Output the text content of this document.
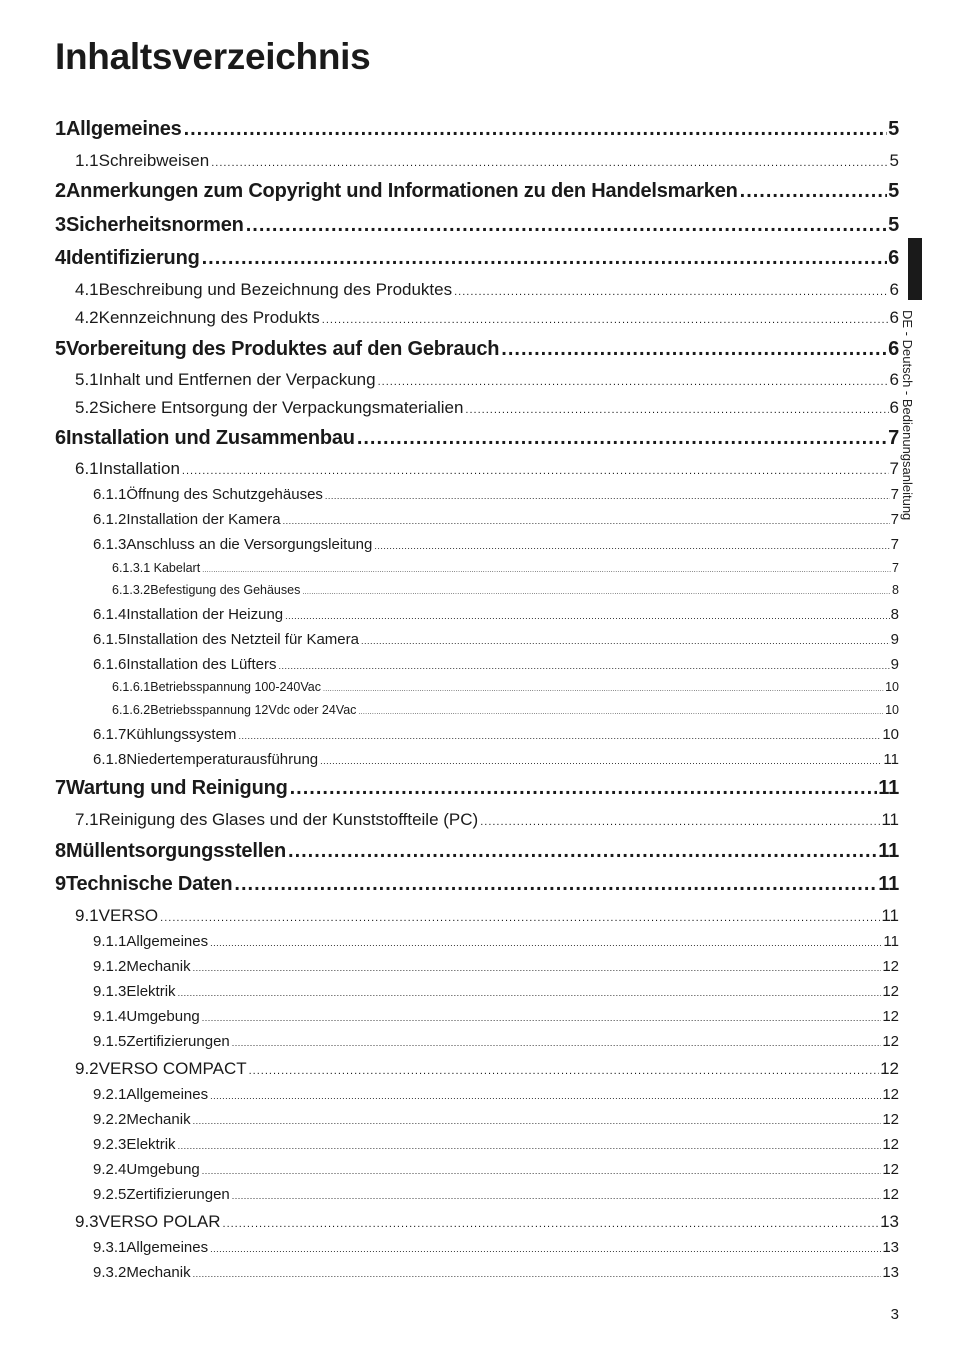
Inhaltsverzeichnis
1 Allgemeines .....	5
1.1 Schreibweisen .....	5
2 Anmerkungen zum Copyright und Informationen zu den Handelsmarken .....	5
3 Sicherheitsnormen .....	5
4 Identifizierung .....	6
4.1 Beschreibung und Bezeichnung des Produktes .....	6
4.2 Kennzeichnung des Produkts .....	6
5 Vorbereitung des Produktes auf den Gebrauch .....	6
5.1 Inhalt und Entfernen der Verpackung .....	6
5.2 Sichere Entsorgung der Verpackungsmaterialien .....	6
6 Installation und Zusammenbau .....	7
6.1 Installation .....	7
6.1.1 Öffnung des Schutzgehäuses .....	7
6.1.2 Installation der Kamera .....	7
6.1.3 Anschluss an die Versorgungsleitung .....	7
6.1.3.1 Kabelart .....	7
6.1.3.2 Befestigung des Gehäuses .....	8
6.1.4 Installation der Heizung .....	8
6.1.5 Installation des Netzteil für Kamera .....	9
6.1.6 Installation des Lüfters .....	9
6.1.6.1 Betriebsspannung 100-240Vac .....	10
6.1.6.2 Betriebsspannung 12Vdc oder 24Vac .....	10
6.1.7 Kühlungssystem .....	10
6.1.8 Niedertemperaturausführung .....	11
7 Wartung und Reinigung .....	11
7.1 Reinigung des Glases und der Kunststoffteile (PC) .....	11
8 Müllentsorgungsstellen .....	11
9 Technische Daten .....	11
9.1 VERSO .....	11
9.1.1 Allgemeines .....	11
9.1.2 Mechanik .....	12
9.1.3 Elektrik .....	12
9.1.4 Umgebung .....	12
9.1.5 Zertifizierungen .....	12
9.2 VERSO COMPACT .....	12
9.2.1 Allgemeines .....	12
9.2.2 Mechanik .....	12
9.2.3 Elektrik .....	12
9.2.4 Umgebung .....	12
9.2.5 Zertifizierungen .....	12
9.3 VERSO POLAR .....	13
9.3.1 Allgemeines .....	13
9.3.2 Mechanik .....	13
DE - Deutsch - Bedienungsanleitung
3
